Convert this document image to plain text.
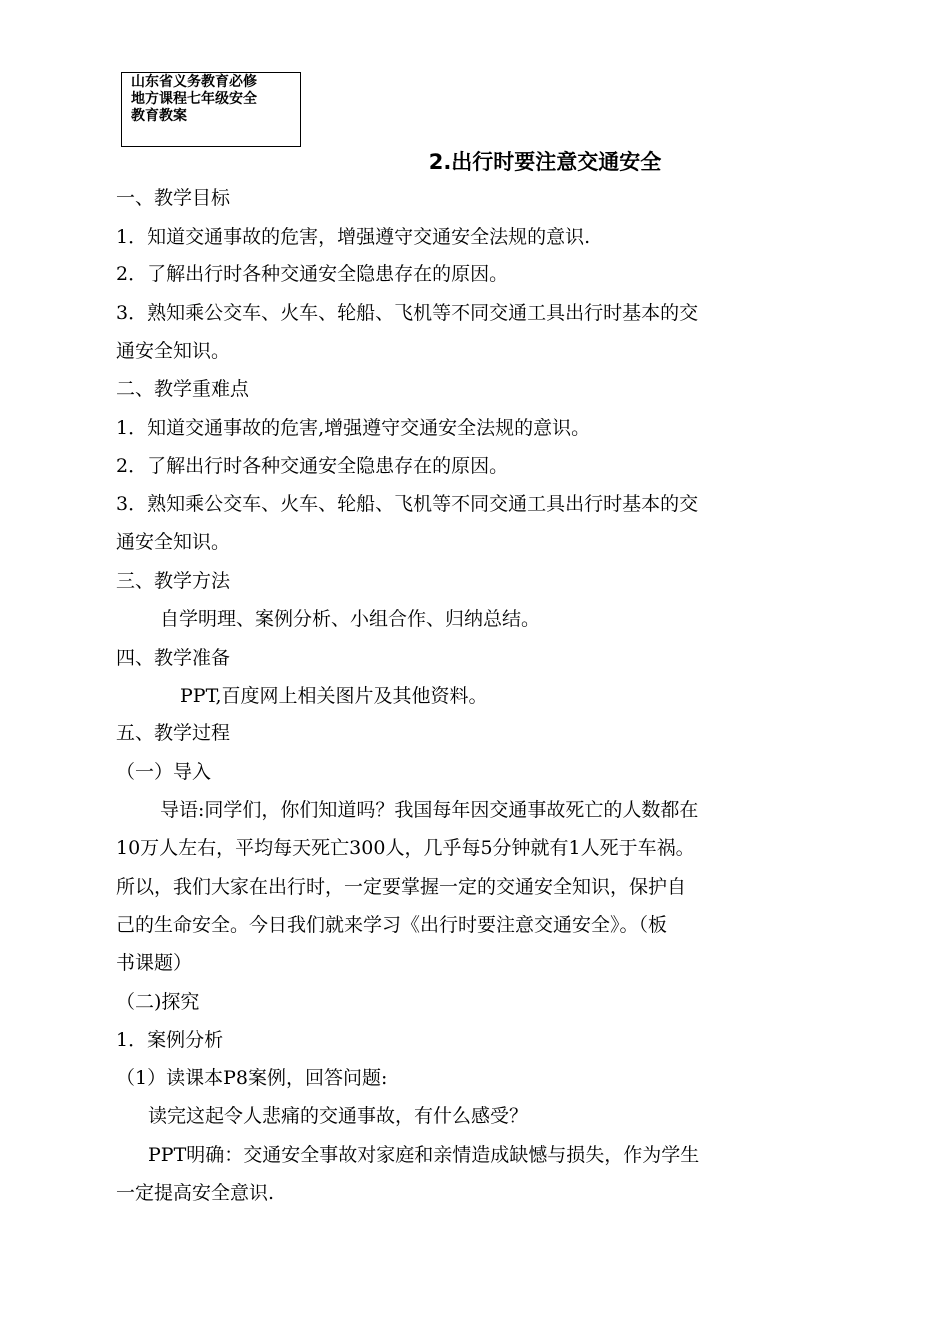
山东省义务教育必修
地方课程七年级安全
教育教案
2.出行时要注意交通安全
一、教学目标
1．知道交通事故的危害，增强遵守交通安全法规的意识.
2．了解出行时各种交通安全隐患存在的原因。
3．熟知乘公交车、火车、轮船、飞机等不同交通工具出行时基本的交
通安全知识。
二、教学重难点
1．知道交通事故的危害,增强遵守交通安全法规的意识。
2．了解出行时各种交通安全隐患存在的原因。
3．熟知乘公交车、火车、轮船、飞机等不同交通工具出行时基本的交
通安全知识。
三、教学方法
自学明理、案例分析、小组合作、归纳总结。
四、教学准备
PPT,百度网上相关图片及其他资料。
五、教学过程
（一）导入
导语:同学们，你们知道吗？我国每年因交通事故死亡的人数都在
10万人左右，平均每天死亡300人，几乎每5分钟就有1人死于车祸。
所以，我们大家在出行时，一定要掌握一定的交通安全知识，保护自
己的生命安全。今日我们就来学习《出行时要注意交通安全》。（板
书课题）
（二)探究
1．案例分析
（1）读课本P8案例，回答问题:
读完这起令人悲痛的交通事故，有什么感受？
PPT明确：交通安全事故对家庭和亲情造成缺憾与损失，作为学生
一定提高安全意识.
